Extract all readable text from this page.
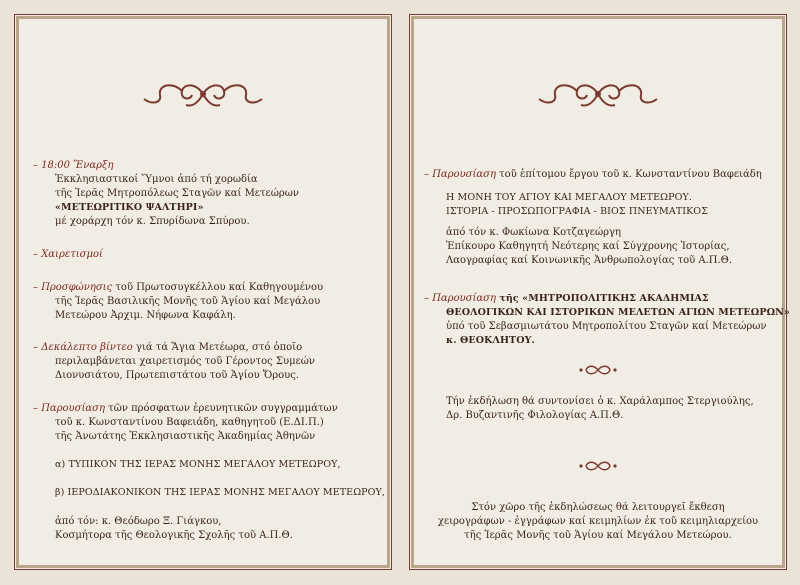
– 18:00 Ἔναρξη
Ἐκκλησιαστικοί Ὕμνοι ἀπό τή χορωδία
τῆς Ἱερᾶς Μητροπόλεως Σταγῶν καί Μετεώρων
«ΜΕΤΕΩΡΙΤΙΚΟ ΨΑΛΤΗΡΙ»
μέ χοράρχη τόν κ. Σπυρίδωνα Σπύρου.
– Χαιρετισμοί
– Προσφώνησις τοῦ Πρωτοσυγκέλλου καί Καθηγουμένου
τῆς Ἱερᾶς Βασιλικῆς Μονῆς τοῦ Ἁγίου καί Μεγάλου
Μετεώρου Ἀρχιμ. Νήφωνα Καφάλη.
– Δεκάλεπτο βίντεο γιά τά Ἅγια Μετέωρα, στό ὁποῖο
περιλαμβάνεται χαιρετισμός τοῦ Γέροντος Συμεών
Διονυσιάτου, Πρωτεπιστάτου τοῦ Ἁγίου Ὄρους.
– Παρουσίαση τῶν πρόσφατων ἐρευνητικῶν συγγραμμάτων
τοῦ κ. Κωνσταντίνου Βαφειάδη, καθηγητοῦ (Ε.ΔΙ.Π.)
τῆς Ἀνωτάτης Ἐκκλησιαστικῆς Ἀκαδημίας Ἀθηνῶν
α) ΤΥΠΙΚΟΝ ΤΗΣ ΙΕΡΑΣ ΜΟΝΗΣ ΜΕΓΑΛΟΥ ΜΕΤΕΩΡΟΥ,
β) ΙΕΡΟΔΙΑΚΟΝΙΚΟΝ ΤΗΣ ΙΕΡΑΣ ΜΟΝΗΣ ΜΕΓΑΛΟΥ ΜΕΤΕΩΡΟΥ,
ἀπό τόν: κ. Θεόδωρο Ξ. Γιάγκου,
Κοσμήτορα τῆς Θεολογικῆς Σχολῆς τοῦ Α.Π.Θ.
– Παρουσίαση τοῦ ἐπίτομου ἔργου τοῦ κ. Κωνσταντίνου Βαφειάδη
Η ΜΟΝΗ ΤΟΥ ΑΓΙΟΥ ΚΑΙ ΜΕΓΑΛΟΥ ΜΕΤΕΩΡΟΥ.
ΙΣΤΟΡΙΑ - ΠΡΟΣΩΠΟΓΡΑΦΙΑ - ΒΙΟΣ ΠΝΕΥΜΑΤΙΚΟΣ
ἀπό τόν κ. Φωκίωνα Κοτζαγεώργη
Ἐπίκουρο Καθηγητή Νεότερης καί Σύγχρονης Ἱστορίας,
Λαογραφίας καί Κοινωνικῆς Ἀνθρωπολογίας τοῦ Α.Π.Θ.
– Παρουσίαση τῆς «ΜΗΤΡΟΠΟΛΙΤΙΚΗΣ ΑΚΑΔΗΜΙΑΣ
ΘΕΟΛΟΓΙΚΩΝ ΚΑΙ ΙΣΤΟΡΙΚΩΝ ΜΕΛΕΤΩΝ ΑΓΙΩΝ ΜΕΤΕΩΡΩΝ»
ὑπό τοῦ Σεβασμιωτάτου Μητροπολίτου Σταγῶν καί Μετεώρων
κ. ΘΕΟΚΛΗΤΟΥ.
Τήν ἐκδήλωση θά συντονίσει ὁ κ. Χαράλαμπος Στεργιούλης,
Δρ. Βυζαντινῆς Φιλολογίας Α.Π.Θ.
Στόν χῶρο τῆς ἐκδηλώσεως θά λειτουργεῖ ἔκθεση
χειρογράφων - ἐγγράφων καί κειμηλίων ἐκ τοῦ κειμηλιαρχείου
τῆς Ἱερᾶς Μονῆς τοῦ Ἁγίου καί Μεγάλου Μετεώρου.
